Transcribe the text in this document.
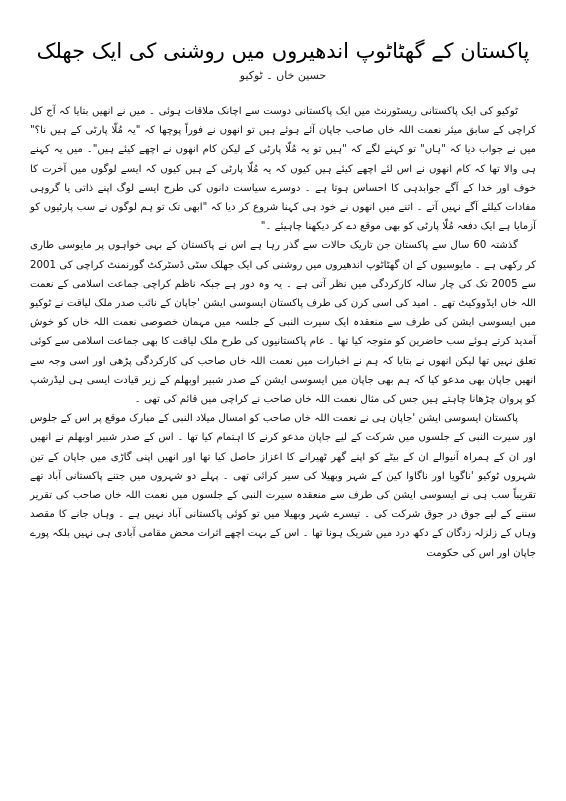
پاکستان کے گھٹاٹوپ اندھیروں میں روشنی کی ایک جھلک
حسین خاں ۔ ٹوکیو

ٹوکیو کی ایک پاکستانی ریسٹورنٹ میں ایک پاکستانی دوست سے اچانک ملاقات ہوئی ۔ میں نے انھیں بتایا کہ آج کل کراچی کے سابق میئر نعمت اللہ خاں صاحب جاپان آئے ہوئے ہیں تو انھوں نے فوراً پوچھا کہ "یہ مُلّا پارٹی کے ہیں نا؟" میں نے جواب دیا کہ "ہاں" تو کہنے لگے کہ "ہیں تو یہ مُلّا پارٹی کے لیکن کام انھوں نے اچھے کیئے ہیں"۔ میں یہ کہنے ہی والا تھا کہ کام انھوں نے اس لئے اچھے کیئے ہیں کیوں کہ یہ مُلّا پارٹی کے ہیں کیوں کہ ایسے لوگوں میں آخرت کا خوف اور خدا کے آگے جوابدہی کا احساس ہوتا ہے ۔ دوسرے سیاست دانوں کی طرح ایسے لوگ اپنے ذاتی یا گروہی مفادات کیلئے آگے نہیں آتے ۔ اتنے میں انھوں نے خود ہی کہنا شروع کر دیا کہ "ابھی تک تو ہم لوگوں نے سب پارٹیوں کو آزمایا ہے ایک دفعہ مُلّا پارٹی کو بھی موقع دے کر دیکھنا چاہیئے ۔"

گذشتہ 60 سال سے پاکستان جن تاریک حالات سے گذر رہا ہے اس نے پاکستان کے بہی خواہوں پر مایوسی طاری کر رکھی ہے ۔ مایوسیوں کے ان گھٹاٹوپ اندھیروں میں روشنی کی ایک جھلک سٹی ڈسٹرکٹ گورنمنٹ کراچی کی 2001 سے 2005 تک کی چار سالہ کارکردگی میں نظر آتی ہے ۔ یہ وہ دور ہے جبکہ ناظم کراچی جماعت اسلامی کے نعمت اللہ خاں ایڈووکیٹ تھے ۔ امید کی اسی کرن کی طرف پاکستان ایسوسی ایشن 'جاپان کے نائب صدر ملک لیاقت نے ٹوکیو میں ایسوسی ایشن کی طرف سے منعقدہ ایک سیرت النبی کے جلسہ میں مہمان خصوصی نعمت اللہ خاں کو خوش آمدید کرتے ہوئے سب حاضرین کو متوجہ کیا تھا ۔ عام پاکستانیوں کی طرح ملک لیاقت کا بھی جماعت اسلامی سے کوئی تعلق نہیں تھا لیکن انھوں نے بتایا کہ ہم نے اخبارات میں نعمت اللہ خاں صاحب کی کارکردگی پڑھی اور اسی وجہ سے انھیں جاپان بھی مدعو کیا کہ ہم بھی جاپان میں ایسوسی ایشن کے صدر شبیر اوبھلم کے زیر قیادت ایسی ہی لیڈرشپ کو پروان چڑھانا چاہتے ہیں جس کی مثال نعمت اللہ خاں صاحب نے کراچی میں قائم کی تھی ۔

پاکستان ایسوسی ایشن 'جاپان ہی نے نعمت اللہ خاں صاحب کو امسال میلاد النبی کے مبارک موقع پر اس کے جلوس اور سیرت النبی کے جلسوں میں شرکت کے لیے جاپان مدعو کرنے کا اہتمام کیا تھا ۔ اس کے صدر شبیر اوبھلم نے انھیں اور ان کے ہمراہ آنیوالے ان کے بیٹے کو اپنے گھر ٹھیرانے کا اعزاز حاصل کیا تھا اور انھیں اپنی گاڑی میں جاپان کے تین شہروں ٹوکیو 'ناگویا اور ناگاوا کین کے شہر وبھیلا کی سیر کرائی تھی ۔ پہلے دو شہروں میں جتنے پاکستانی آباد تھے تقریباً سب ہی نے ایسوسی ایشن کی طرف سے منعقدہ سیرت النبی کے جلسوں میں نعمت اللہ خاں صاحب کی تقریر سننے کے لیے جوق در جوق شرکت کی ۔ تیسرے شہر وبھیلا میں تو کوئی پاکستانی آباد نہیں ہے ۔ وہاں جانے کا مقصد وہاں کے زلزلہ زدگان کے دکھ درد میں شریک ہونا تھا ۔ اس کے بہت اچھے اثرات محض مقامی آبادی ہی نہیں بلکہ پورے جاپان اور اس کی حکومت
